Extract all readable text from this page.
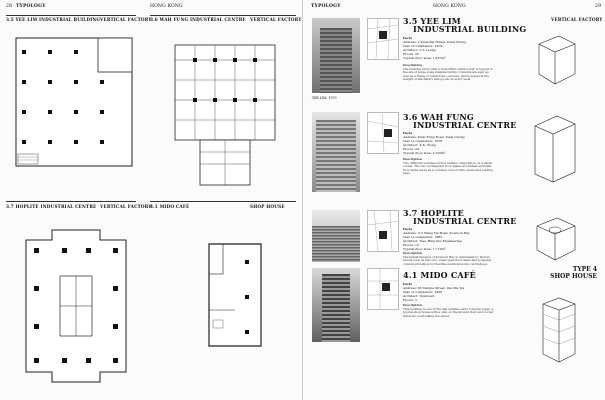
28 TYPOLOGY	HONG KONG
3.5 YEE LIM INDUSTRIAL BUILDING VERTICAL FACTORY
3.6 WAH FUNG INDUSTRIAL CENTRE VERTICAL FACTORY
3.7 HOPLITE INDUSTRIAL CENTRE VERTICAL FACTORY
4.1 MIDO CAFÉ	SHOP HOUSE
TYPOLOGY	HONG KONG	29
YEE LIM, 1979
3.5 YEE LIM
INDUSTRIAL BUILDING
Facts
Address: 2 Kwai Fat Street, Kwai Chung
Year of completion: 1979
Architect: Y.T. Leung
Floors: 22
Typical floor area: 1,637m²
Description
The massive block with a monolithic stairs tower is typical of the era of large scale manufacturing. Columns are kept as well as a frame of reinforced concrete, which supports the weight of machinery and goods on every level.
3.6 WAH FUNG
INDUSTRIAL CENTRE
Facts
Address: Kwai Fung Road, Kwai Chung
Year of completion: 1976
Architect: K.K. Wong
Floors: 24
Typical floor area: 2,100m²
Description
Two different volumes form a unified composition on a small corner. The two rectangular floor plates are linked and their floor slabs serve as a common core of lifts, stairs and loading bays.
3.7 HOPLITE
INDUSTRIAL CENTRE
Facts
Address: 3–5 Wang Tai Road, Kowloon Bay
Year of completion: 1983
Architect: Tsao Hing Kui Engineering
Floors: 12
Typical floor area: 1,715m²
Description
The industrial area of Kowloon Bay is dominated by factory blocks such as this one. Clear span floor slabs and a regular column grid allow for flexible subdivision into workshops.
4.1 MIDO CAFÉ
Facts
Address: 63 Temple Street, Yau Ma Tei
Year of completion: 1950
Architect: Unknown
Floors: 5
Description
This building is one of the last existing early tong lau types, a typical shop house with a café on the ground floor and corner windows overlooking the street.
VERTICAL FACTORY
TYPE 4
SHOP HOUSE
